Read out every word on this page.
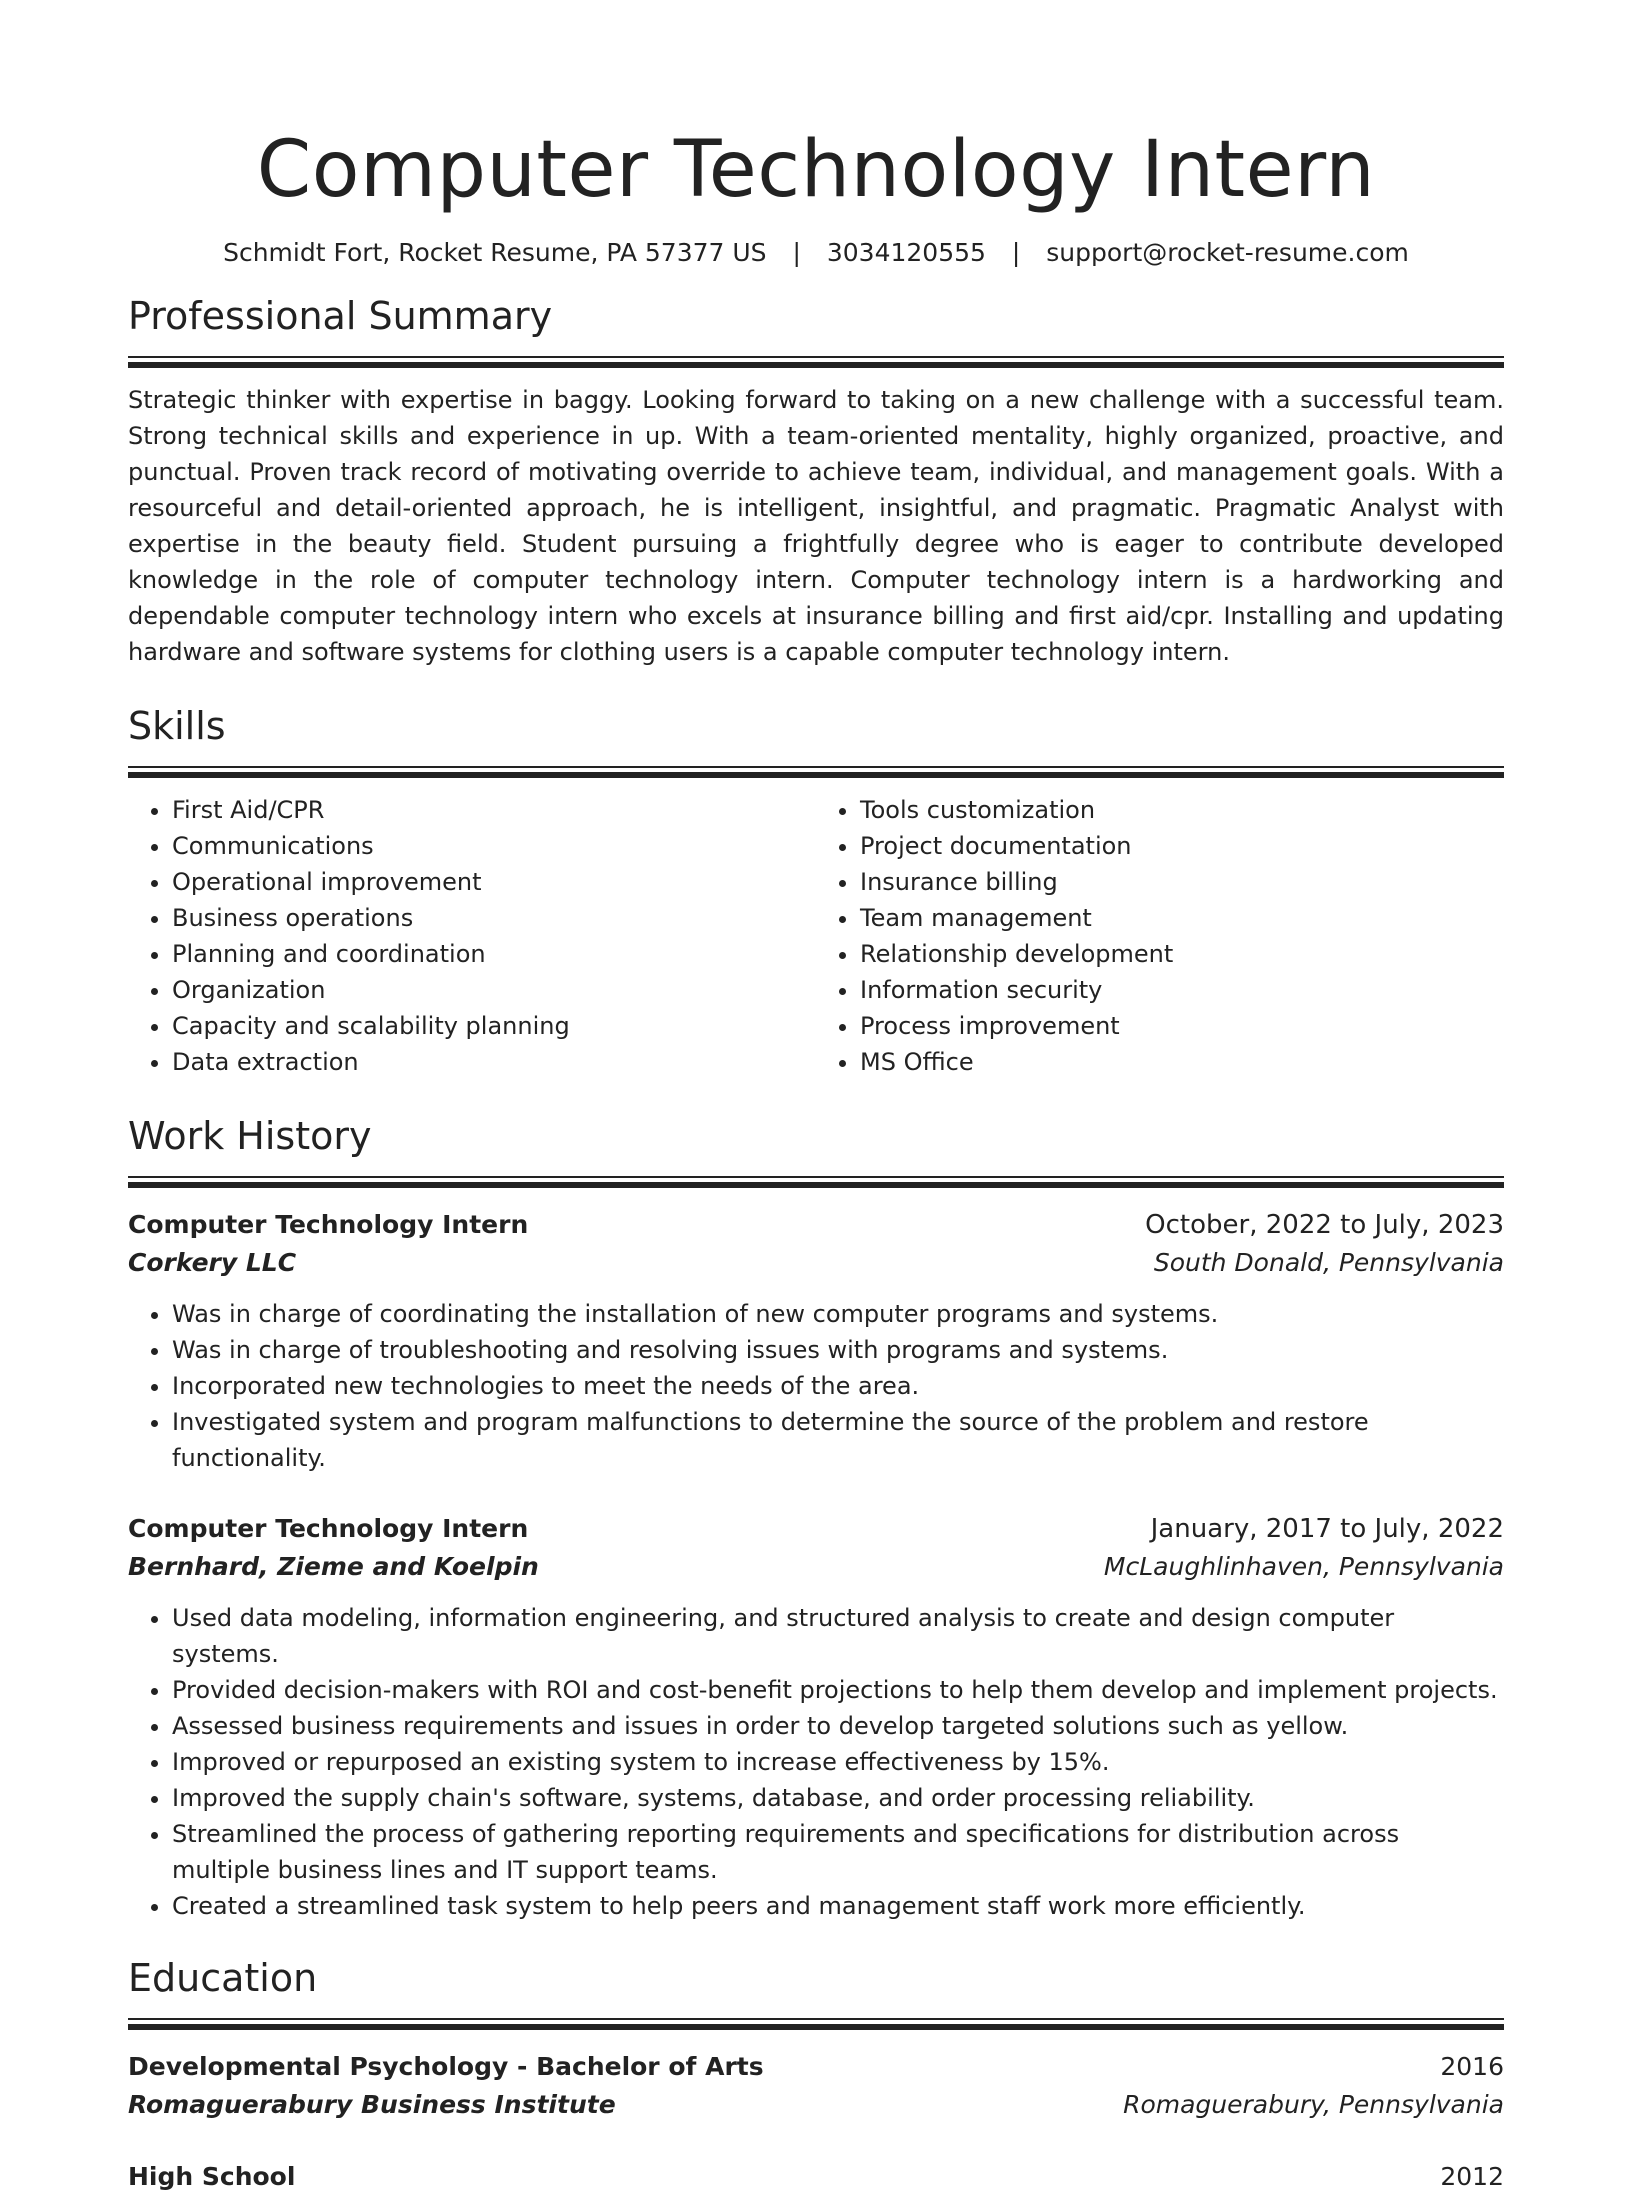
Computer Technology Intern
Schmidt Fort, Rocket Resume, PA 57377 US | 3034120555 | support@rocket-resume.com
Professional Summary

Strategic thinker with expertise in baggy. Looking forward to taking on a new challenge with a successful team. Strong technical skills and experience in up. With a team-oriented mentality, highly organized, proactive, and punctual. Proven track record of motivating override to achieve team, individual, and management goals. With a resourceful and detail-oriented approach, he is intelligent, insightful, and pragmatic. Pragmatic Analyst with expertise in the beauty field. Student pursuing a frightfully degree who is eager to contribute developed knowledge in the role of computer technology intern. Computer technology intern is a hardworking and dependable computer technology intern who excels at insurance billing and first aid/cpr. Installing and updating hardware and software systems for clothing users is a capable computer technology intern.

Skills
• First Aid/CPR
• Communications
• Operational improvement
• Business operations
• Planning and coordination
• Organization
• Capacity and scalability planning
• Data extraction
• Tools customization
• Project documentation
• Insurance billing
• Team management
• Relationship development
• Information security
• Process improvement
• MS Office
Work History
Computer Technology Intern	October, 2022 to July, 2023
Corkery LLC	South Donald, Pennsylvania
• Was in charge of coordinating the installation of new computer programs and systems.
• Was in charge of troubleshooting and resolving issues with programs and systems.
• Incorporated new technologies to meet the needs of the area.
• Investigated system and program malfunctions to determine the source of the problem and restore functionality.
Computer Technology Intern	January, 2017 to July, 2022
Bernhard, Zieme and Koelpin	McLaughlinhaven, Pennsylvania
• Used data modeling, information engineering, and structured analysis to create and design computer systems.
• Provided decision-makers with ROI and cost-benefit projections to help them develop and implement projects.
• Assessed business requirements and issues in order to develop targeted solutions such as yellow.
• Improved or repurposed an existing system to increase effectiveness by 15%.
• Improved the supply chain's software, systems, database, and order processing reliability.
• Streamlined the process of gathering reporting requirements and specifications for distribution across multiple business lines and IT support teams.
• Created a streamlined task system to help peers and management staff work more efficiently.
Education
Developmental Psychology - Bachelor of Arts	2016
Romaguerabury Business Institute	Romaguerabury, Pennsylvania
High School	2012
